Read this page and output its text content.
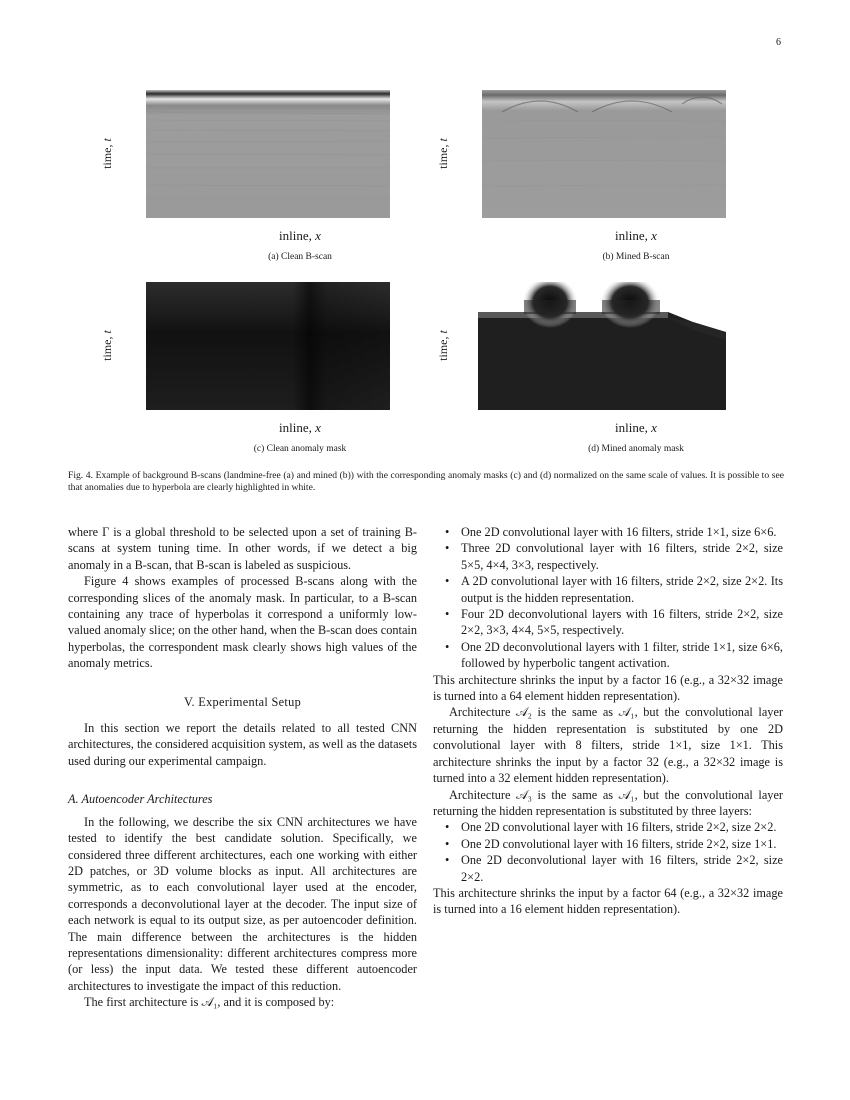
6
time, t
inline, x
(a) Clean B-scan
time, t
inline, x
(b) Mined B-scan
time, t
inline, x
(c) Clean anomaly mask
time, t
inline, x
(d) Mined anomaly mask
Fig. 4. Example of background B-scans (landmine-free (a) and mined (b)) with the corresponding anomaly masks (c) and (d) normalized on the same scale of values. It is possible to see that anomalies due to hyperbola are clearly highlighted in white.

where Γ is a global threshold to be selected upon a set of training B-scans at system tuning time. In other words, if we detect a big anomaly in a B-scan, that B-scan is labeled as suspicious.

Figure 4 shows examples of processed B-scans along with the corresponding slices of the anomaly mask. In particular, to a B-scan containing any trace of hyperbolas it correspond a uniformly low-valued anomaly slice; on the other hand, when the B-scan does contain hyperbolas, the correspondent mask clearly shows high values of the anomaly metrics.

V. Experimental Setup

In this section we report the details related to all tested CNN architectures, the considered acquisition system, as well as the datasets used during our experimental campaign.

A. Autoencoder Architectures

In the following, we describe the six CNN architectures we have tested to identify the best candidate solution. Specifically, we considered three different architectures, each one working with either 2D patches, or 3D volume blocks as input. All architectures are symmetric, as to each convolutional layer used at the encoder, corresponds a deconvolutional layer at the decoder. The input size of each network is equal to its output size, as per autoencoder definition. The main difference between the architectures is the hidden representations dimensionality: different architectures compress more (or less) the input data. We tested these different autoencoder architectures to investigate the impact of this reduction.

The first architecture is 𝒜₁, and it is composed by:

• One 2D convolutional layer with 16 filters, stride 1×1, size 6×6.
• Three 2D convolutional layer with 16 filters, stride 2×2, size 5×5, 4×4, 3×3, respectively.
• A 2D convolutional layer with 16 filters, stride 2×2, size 2×2. Its output is the hidden representation.
• Four 2D deconvolutional layers with 16 filters, stride 2×2, size 2×2, 3×3, 4×4, 5×5, respectively.
• One 2D deconvolutional layers with 1 filter, stride 1×1, size 6×6, followed by hyperbolic tangent activation.

This architecture shrinks the input by a factor 16 (e.g., a 32×32 image is turned into a 64 element hidden representation).

Architecture 𝒜₂ is the same as 𝒜₁, but the convolutional layer returning the hidden representation is substituted by one 2D convolutional layer with 8 filters, stride 1×1, size 1×1. This architecture shrinks the input by a factor 32 (e.g., a 32×32 image is turned into a 32 element hidden representation).

Architecture 𝒜₃ is the same as 𝒜₁, but the convolutional layer returning the hidden representation is substituted by three layers:

• One 2D convolutional layer with 16 filters, stride 2×2, size 2×2.
• One 2D convolutional layer with 16 filters, stride 2×2, size 1×1.
• One 2D deconvolutional layer with 16 filters, stride 2×2, size 2×2.

This architecture shrinks the input by a factor 64 (e.g., a 32×32 image is turned into a 16 element hidden representation).
